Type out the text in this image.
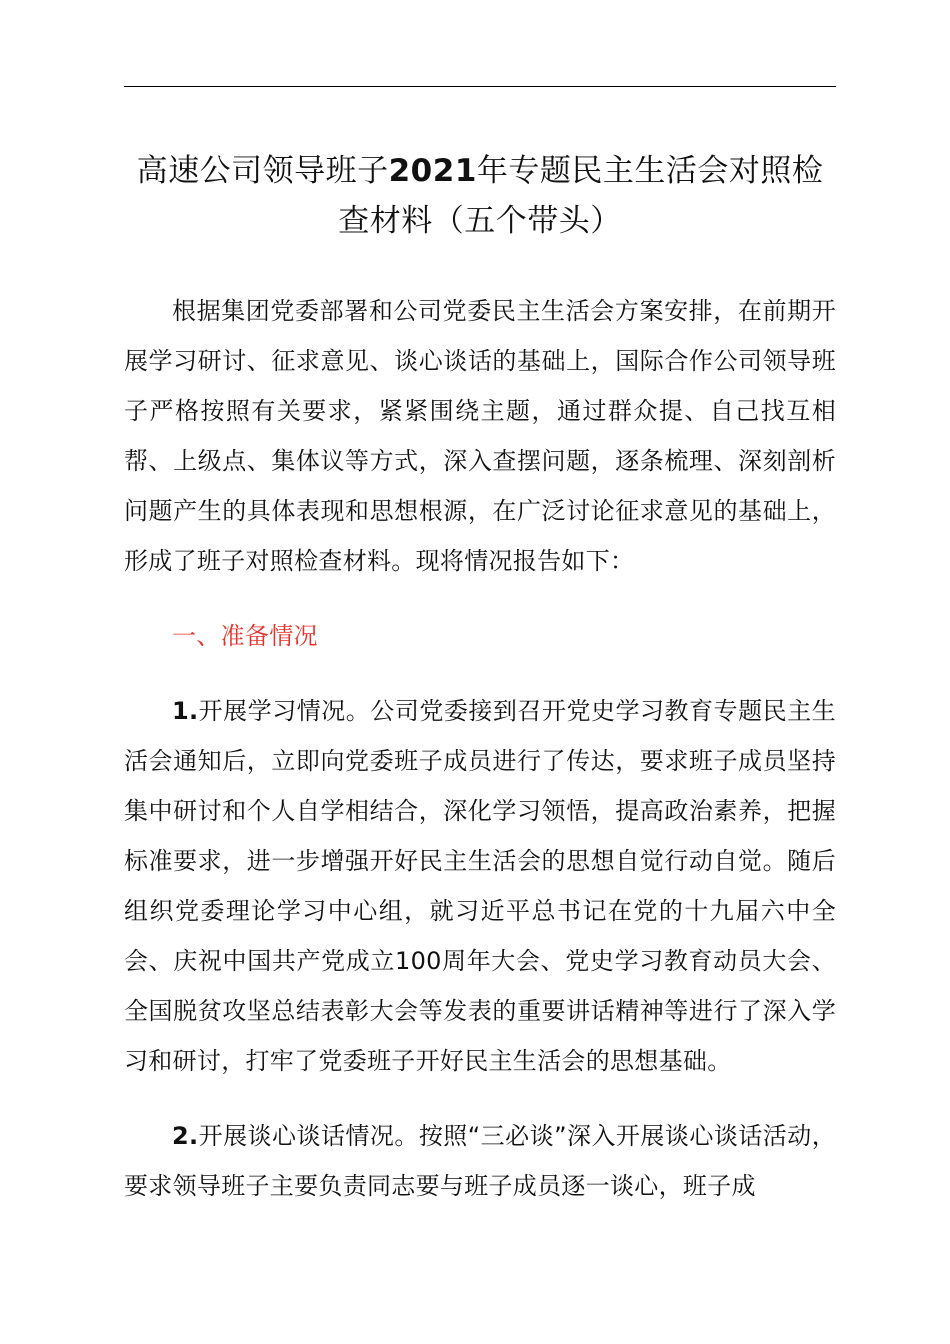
高速公司领导班子2021年专题民主生活会对照检查材料（五个带头）

根据集团党委部署和公司党委民主生活会方案安排，在前期开展学习研讨、征求意见、谈心谈话的基础上，国际合作公司领导班子严格按照有关要求，紧紧围绕主题，通过群众提、自己找互相帮、上级点、集体议等方式，深入查摆问题，逐条梳理、深刻剖析问题产生的具体表现和思想根源，在广泛讨论征求意见的基础上，形成了班子对照检查材料。现将情况报告如下：

一、准备情况

1.开展学习情况。公司党委接到召开党史学习教育专题民主生活会通知后，立即向党委班子成员进行了传达，要求班子成员坚持集中研讨和个人自学相结合，深化学习领悟，提高政治素养，把握标准要求，进一步增强开好民主生活会的思想自觉行动自觉。随后组织党委理论学习中心组，就习近平总书记在党的十九届六中全会、庆祝中国共产党成立100周年大会、党史学习教育动员大会、全国脱贫攻坚总结表彰大会等发表的重要讲话精神等进行了深入学习和研讨，打牢了党委班子开好民主生活会的思想基础。

2.开展谈心谈话情况。按照“三必谈”深入开展谈心谈话活动，要求领导班子主要负责同志要与班子成员逐一谈心，班子成
